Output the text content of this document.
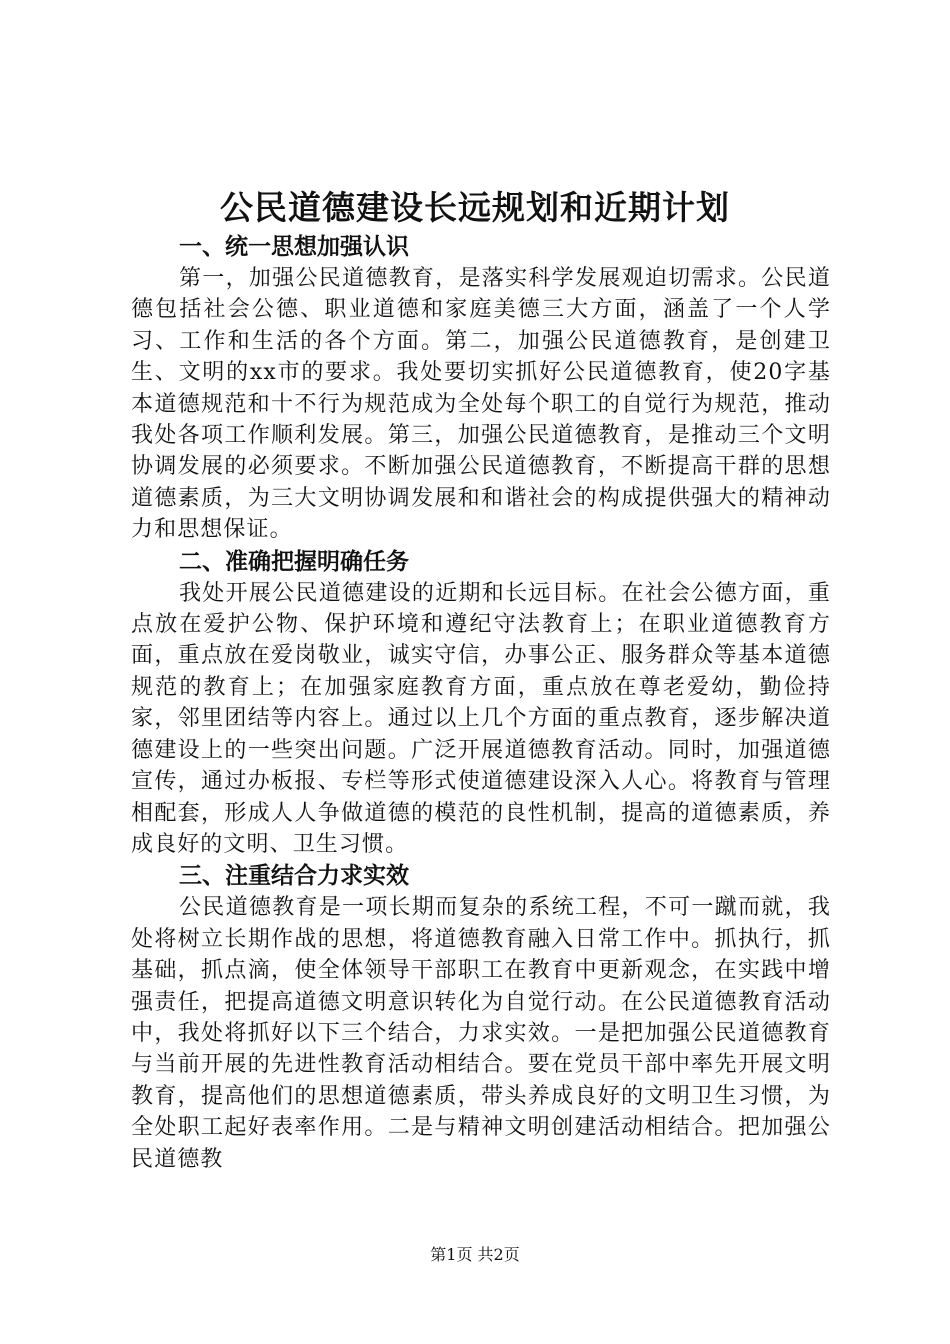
公民道德建设长远规划和近期计划
一、统一思想加强认识

第一，加强公民道德教育，是落实科学发展观迫切需求。公民道德包括社会公德、职业道德和家庭美德三大方面，涵盖了一个人学习、工作和生活的各个方面。第二，加强公民道德教育，是创建卫生、文明的xx市的要求。我处要切实抓好公民道德教育，使20字基本道德规范和十不行为规范成为全处每个职工的自觉行为规范，推动我处各项工作顺利发展。第三，加强公民道德教育，是推动三个文明协调发展的必须要求。不断加强公民道德教育，不断提高干群的思想道德素质，为三大文明协调发展和和谐社会的构成提供强大的精神动力和思想保证。

二、准确把握明确任务

我处开展公民道德建设的近期和长远目标。在社会公德方面，重点放在爱护公物、保护环境和遵纪守法教育上；在职业道德教育方面，重点放在爱岗敬业，诚实守信，办事公正、服务群众等基本道德规范的教育上；在加强家庭教育方面，重点放在尊老爱幼，勤俭持家，邻里团结等内容上。通过以上几个方面的重点教育，逐步解决道德建设上的一些突出问题。广泛开展道德教育活动。同时，加强道德宣传，通过办板报、专栏等形式使道德建设深入人心。将教育与管理相配套，形成人人争做道德的模范的良性机制，提高的道德素质，养成良好的文明、卫生习惯。

三、注重结合力求实效

公民道德教育是一项长期而复杂的系统工程，不可一蹴而就，我处将树立长期作战的思想，将道德教育融入日常工作中。抓执行，抓基础，抓点滴，使全体领导干部职工在教育中更新观念，在实践中增强责任，把提高道德文明意识转化为自觉行动。在公民道德教育活动中，我处将抓好以下三个结合，力求实效。一是把加强公民道德教育与当前开展的先进性教育活动相结合。要在党员干部中率先开展文明教育，提高他们的思想道德素质，带头养成良好的文明卫生习惯，为全处职工起好表率作用。二是与精神文明创建活动相结合。把加强公民道德教

第1页 共2页
